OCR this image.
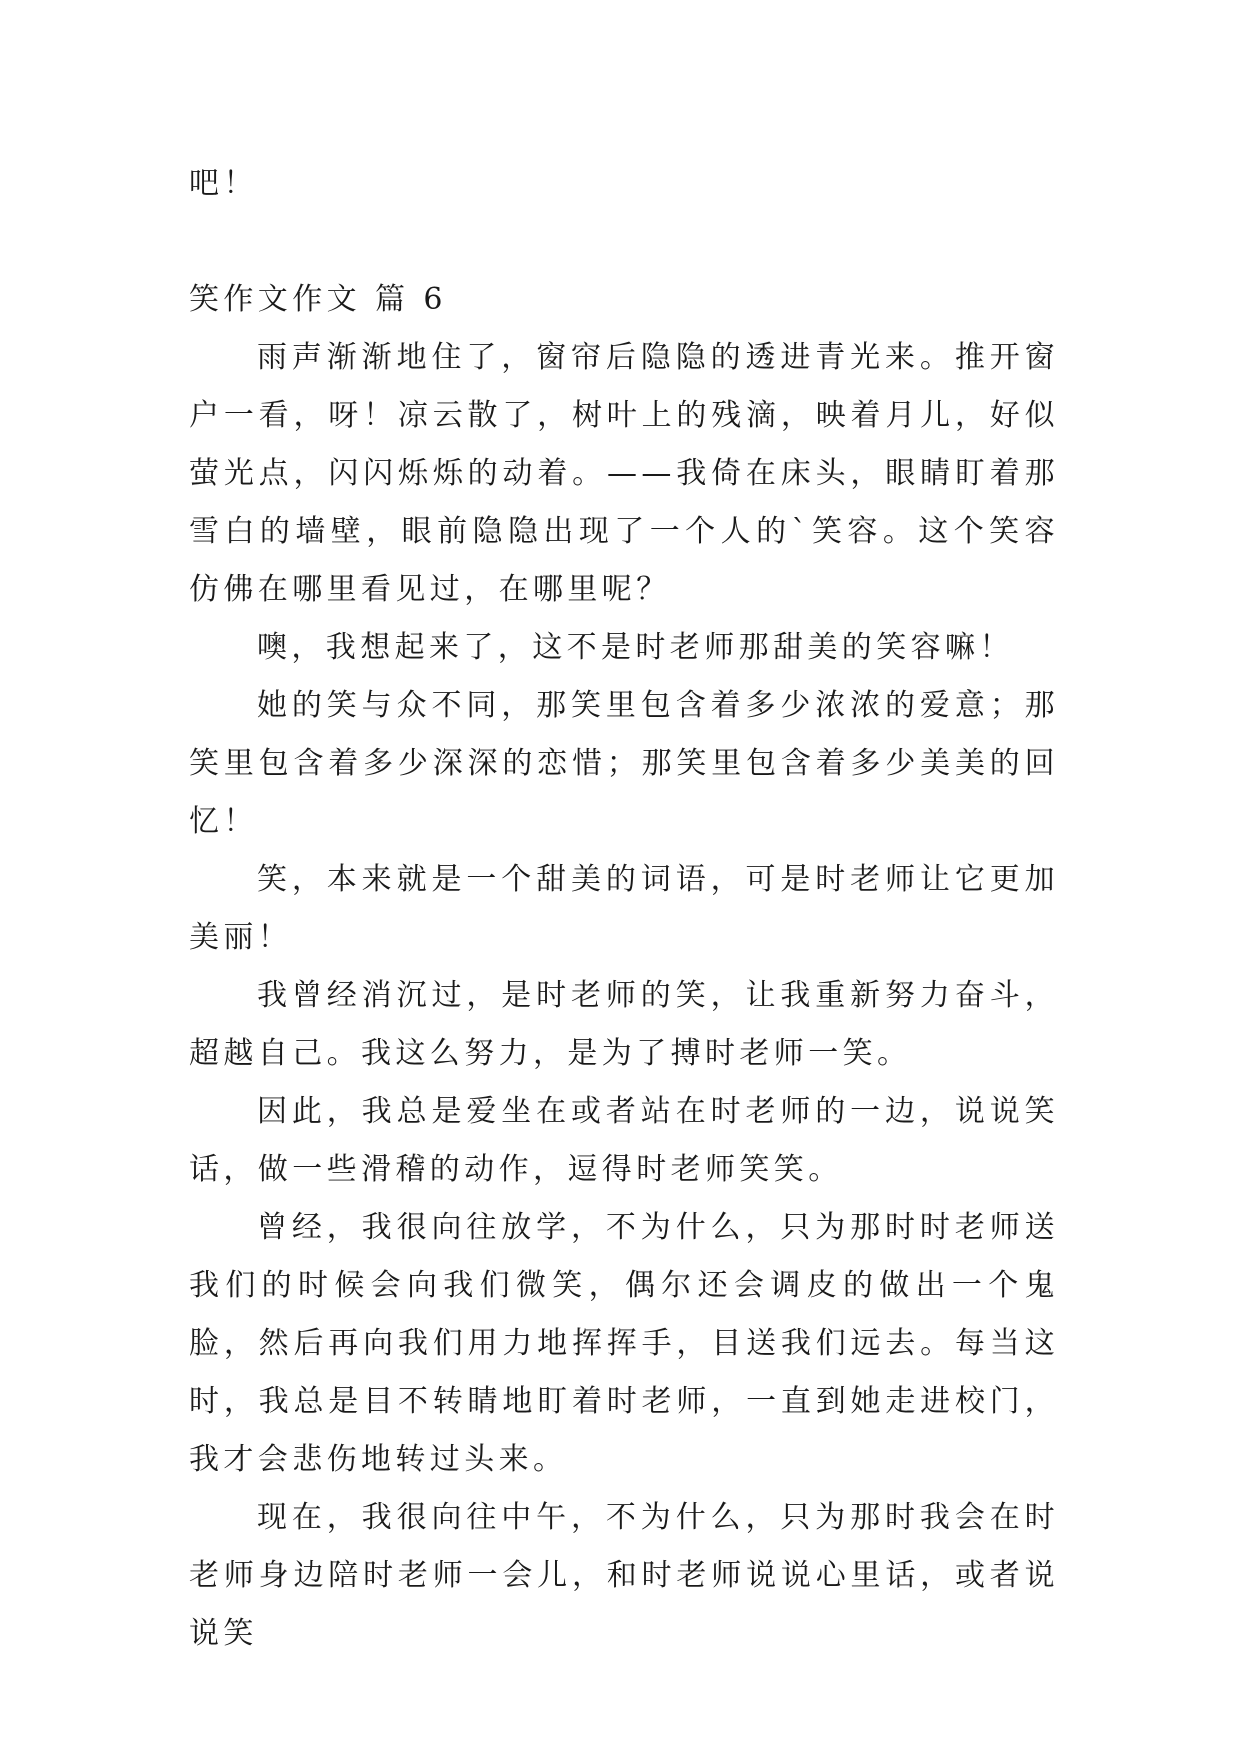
吧！

笑作文作文 篇 6

雨声渐渐地住了，窗帘后隐隐的透进青光来。推开窗户一看，呀！凉云散了，树叶上的残滴，映着月儿，好似萤光点，闪闪烁烁的动着。——我倚在床头，眼睛盯着那雪白的墙壁，眼前隐隐出现了一个人的`笑容。这个笑容仿佛在哪里看见过，在哪里呢？

噢，我想起来了，这不是时老师那甜美的笑容嘛！

她的笑与众不同，那笑里包含着多少浓浓的爱意；那笑里包含着多少深深的恋惜；那笑里包含着多少美美的回忆！

笑，本来就是一个甜美的词语，可是时老师让它更加美丽！

我曾经消沉过，是时老师的笑，让我重新努力奋斗，超越自己。我这么努力，是为了搏时老师一笑。

因此，我总是爱坐在或者站在时老师的一边，说说笑话，做一些滑稽的动作，逗得时老师笑笑。

曾经，我很向往放学，不为什么，只为那时时老师送我们的时候会向我们微笑，偶尔还会调皮的做出一个鬼脸，然后再向我们用力地挥挥手，目送我们远去。每当这时，我总是目不转睛地盯着时老师，一直到她走进校门，我才会悲伤地转过头来。

现在，我很向往中午，不为什么，只为那时我会在时老师身边陪时老师一会儿，和时老师说说心里话，或者说说笑
